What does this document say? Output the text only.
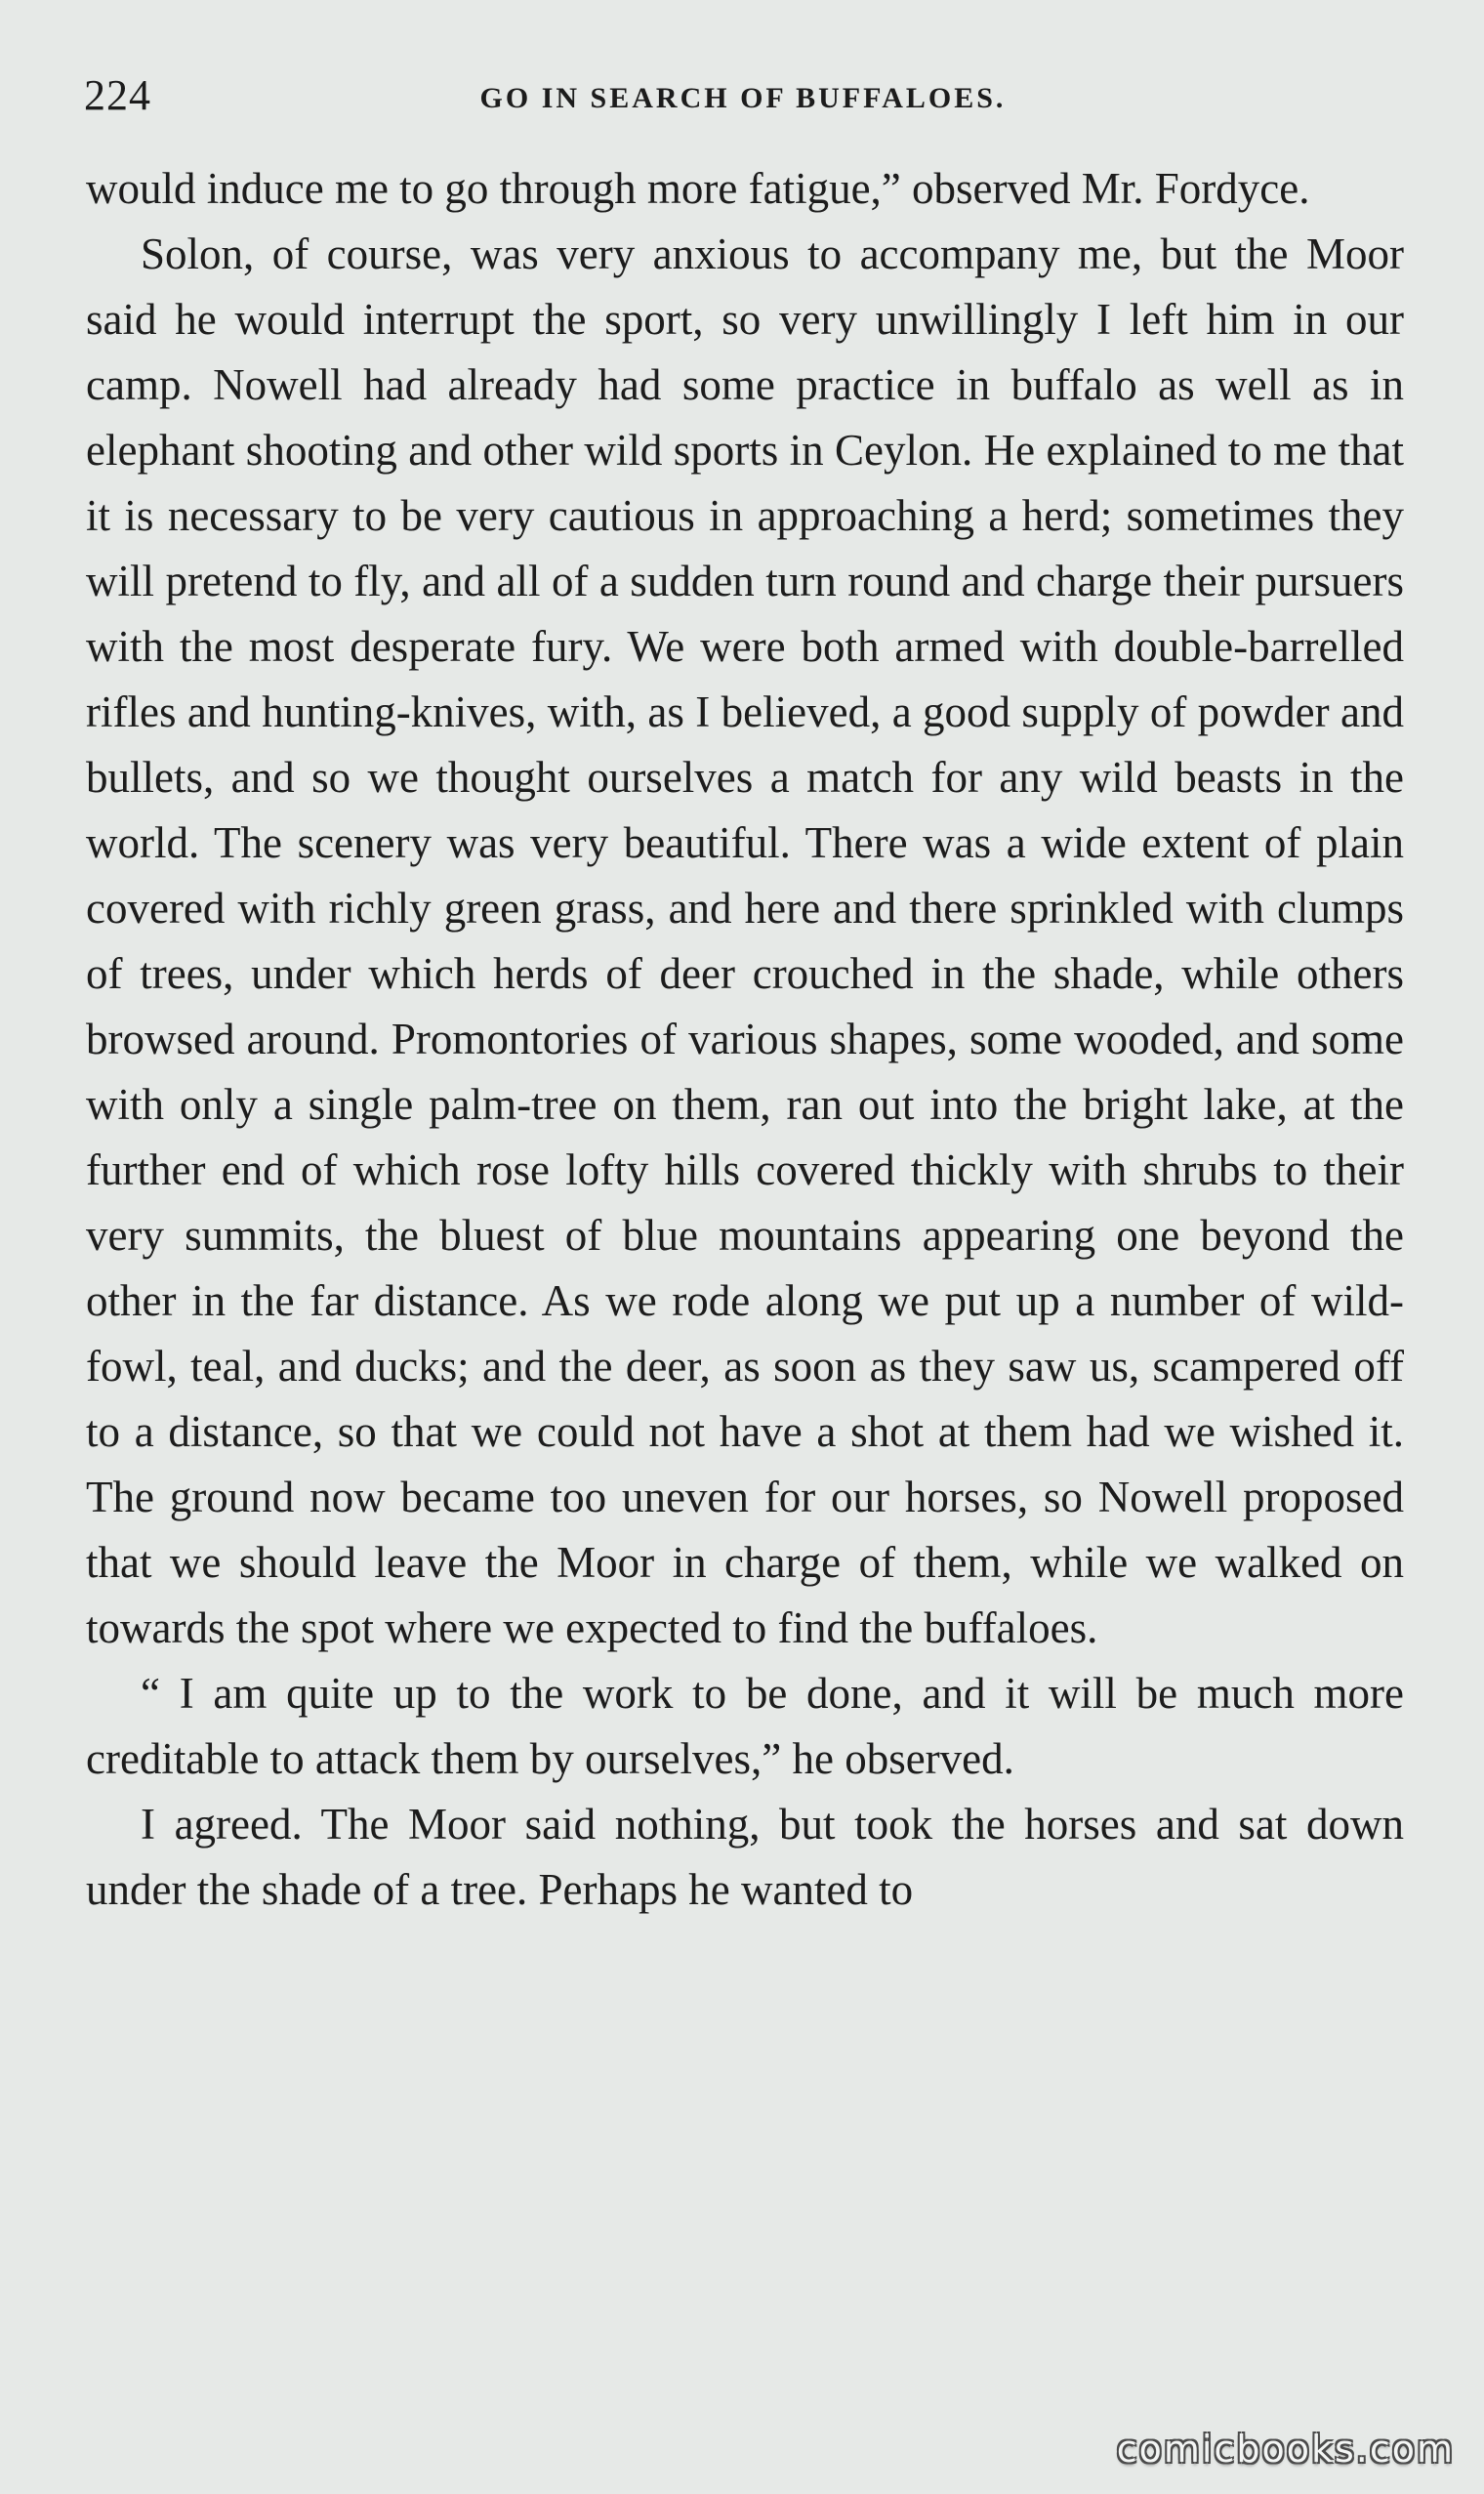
224	GO IN SEARCH OF BUFFALOES.

would induce me to go through more fatigue,” observed Mr. Fordyce.

Solon, of course, was very anxious to accompany me, but the Moor said he would interrupt the sport, so very unwillingly I left him in our camp. Nowell had already had some practice in buffalo as well as in elephant shooting and other wild sports in Ceylon. He explained to me that it is necessary to be very cautious in approaching a herd; sometimes they will pretend to fly, and all of a sudden turn round and charge their pursuers with the most desperate fury. We were both armed with double-barrelled rifles and hunting-knives, with, as I believed, a good supply of powder and bullets, and so we thought ourselves a match for any wild beasts in the world. The scenery was very beautiful. There was a wide extent of plain covered with richly green grass, and here and there sprinkled with clumps of trees, under which herds of deer crouched in the shade, while others browsed around. Promontories of various shapes, some wooded, and some with only a single palm-tree on them, ran out into the bright lake, at the further end of which rose lofty hills covered thickly with shrubs to their very summits, the bluest of blue mountains appearing one beyond the other in the far distance. As we rode along we put up a number of wild-fowl, teal, and ducks; and the deer, as soon as they saw us, scampered off to a distance, so that we could not have a shot at them had we wished it. The ground now became too uneven for our horses, so Nowell proposed that we should leave the Moor in charge of them, while we walked on towards the spot where we expected to find the buffaloes.

“ I am quite up to the work to be done, and it will be much more creditable to attack them by ourselves,” he observed.

I agreed. The Moor said nothing, but took the horses and sat down under the shade of a tree. Perhaps he wanted to

comicbooks.com
